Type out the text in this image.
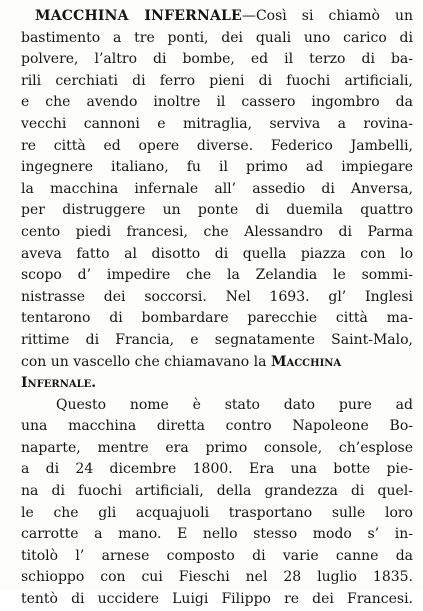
MACCHINA INFERNALE—Così si chiamò un
bastimento a tre ponti, dei quali uno carico di
polvere, l’altro di bombe, ed il terzo di ba-
rili cerchiati di ferro pieni di fuochi artificiali,
e che avendo inoltre il cassero ingombro da
vecchi cannoni e mitraglia, serviva a rovina-
re città ed opere diverse. Federico Jambelli,
ingegnere italiano, fu il primo ad impiegare
la macchina infernale all’ assedio di Anversa,
per distruggere un ponte di duemila quattro
cento piedi francesi, che Alessandro di Parma
aveva fatto al disotto di quella piazza con lo
scopo d’ impedire che la Zelandia le sommi-
nistrasse dei soccorsi. Nel 1693. gl’ Inglesi
tentarono di bombardare parecchie città ma-
rittime di Francia, e segnatamente Saint-Malo,
con un vascello che chiamavano la Macchina Infernale.
Questo nome è stato dato pure ad
una macchina diretta contro Napoleone Bo-
naparte, mentre era primo console, ch’esplose
a di 24 dicembre 1800. Era una botte pie-
na di fuochi artificiali, della grandezza di quel-
le che gli acquajuoli trasportano sulle loro
carrotte a mano. E nello stesso modo s’ in-
titolò l’ arnese composto di varie canne da
schioppo con cui Fieschi nel 28 luglio 1835.
tentò di uccidere Luigi Filippo re dei Francesi.
